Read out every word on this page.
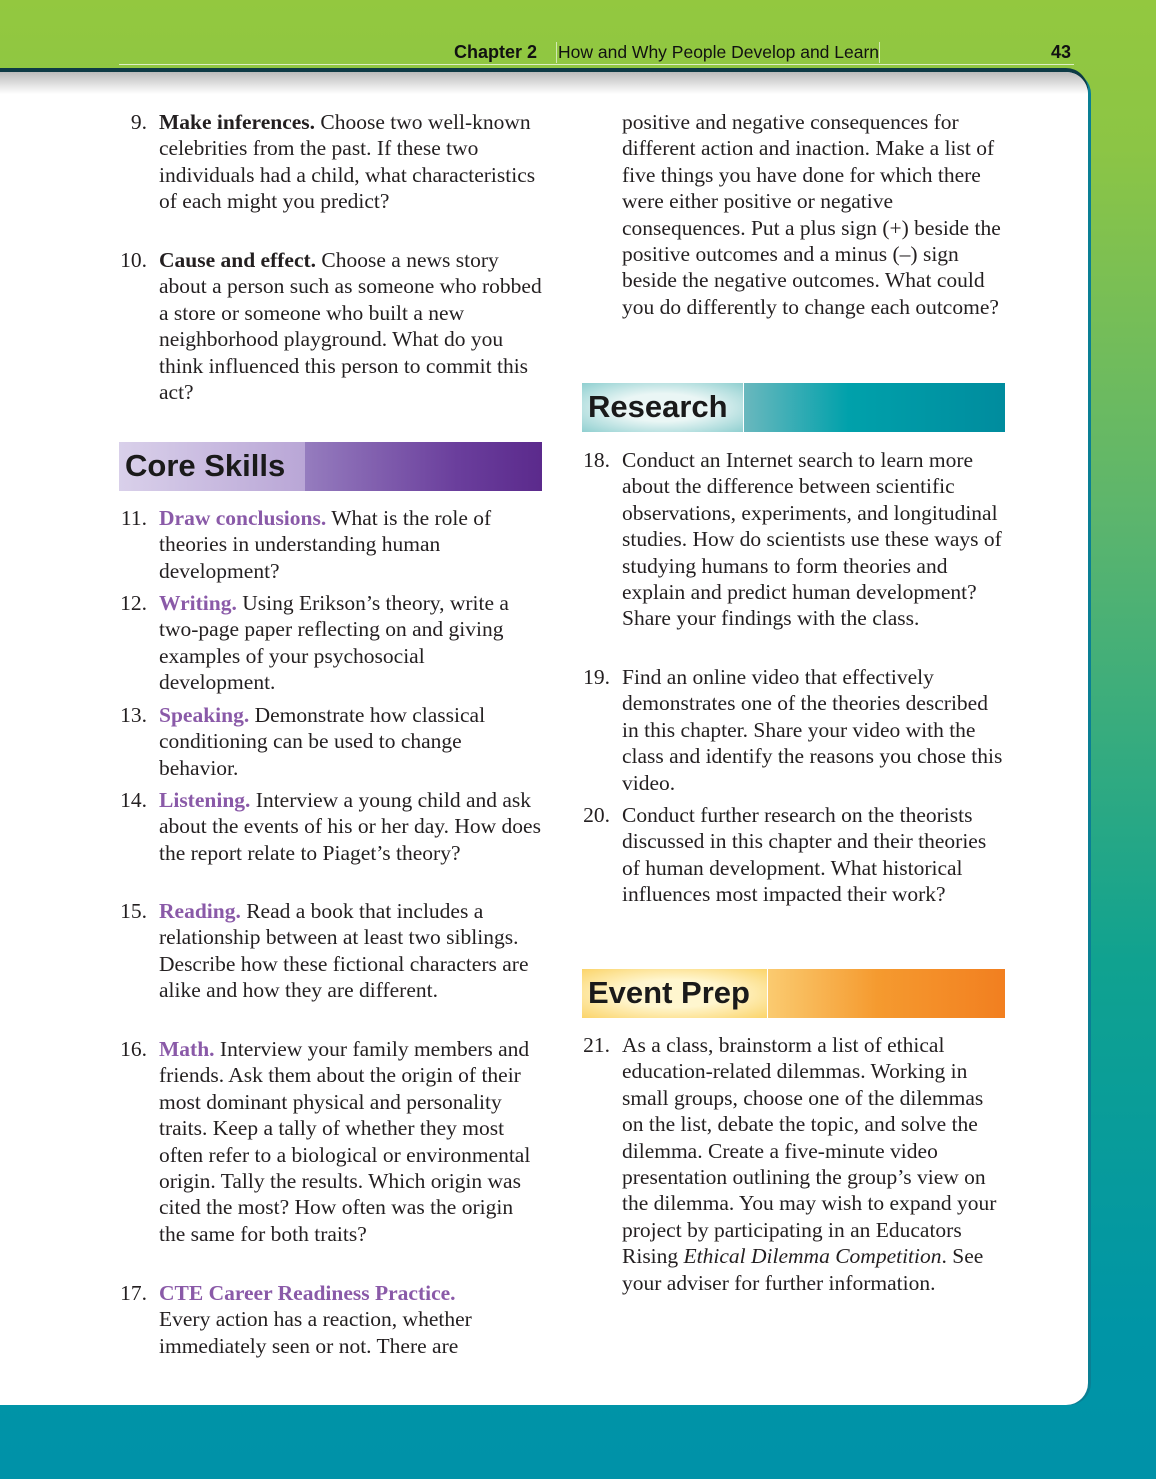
Chapter 2 How and Why People Develop and Learn	43
9. Make inferences. Choose two well-known celebrities from the past. If these two individuals had a child, what characteristics of each might you predict?
10. Cause and effect. Choose a news story about a person such as someone who robbed a store or someone who built a new neighborhood playground. What do you think influenced this person to commit this act?
Core Skills
11. Draw conclusions. What is the role of theories in understanding human development?
12. Writing. Using Erikson’s theory, write a two-page paper reflecting on and giving examples of your psychosocial development.
13. Speaking. Demonstrate how classical conditioning can be used to change behavior.
14. Listening. Interview a young child and ask about the events of his or her day. How does the report relate to Piaget’s theory?
15. Reading. Read a book that includes a relationship between at least two siblings. Describe how these fictional characters are alike and how they are different.
16. Math. Interview your family members and friends. Ask them about the origin of their most dominant physical and personality traits. Keep a tally of whether they most often refer to a biological or environmental origin. Tally the results. Which origin was cited the most? How often was the origin the same for both traits?
17. CTE Career Readiness Practice.
Every action has a reaction, whether immediately seen or not. There are
positive and negative consequences for different action and inaction. Make a list of five things you have done for which there were either positive or negative consequences. Put a plus sign (+) beside the positive outcomes and a minus (–) sign beside the negative outcomes. What could you do differently to change each outcome?
Research
18. Conduct an Internet search to learn more about the difference between scientific observations, experiments, and longitudinal studies. How do scientists use these ways of studying humans to form theories and explain and predict human development? Share your findings with the class.
19. Find an online video that effectively demonstrates one of the theories described in this chapter. Share your video with the class and identify the reasons you chose this video.
20. Conduct further research on the theorists discussed in this chapter and their theories of human development. What historical influences most impacted their work?
Event Prep
21. As a class, brainstorm a list of ethical education-related dilemmas. Working in small groups, choose one of the dilemmas on the list, debate the topic, and solve the dilemma. Create a five-minute video presentation outlining the group’s view on the dilemma. You may wish to expand your project by participating in an Educators Rising Ethical Dilemma Competition. See your adviser for further information.
